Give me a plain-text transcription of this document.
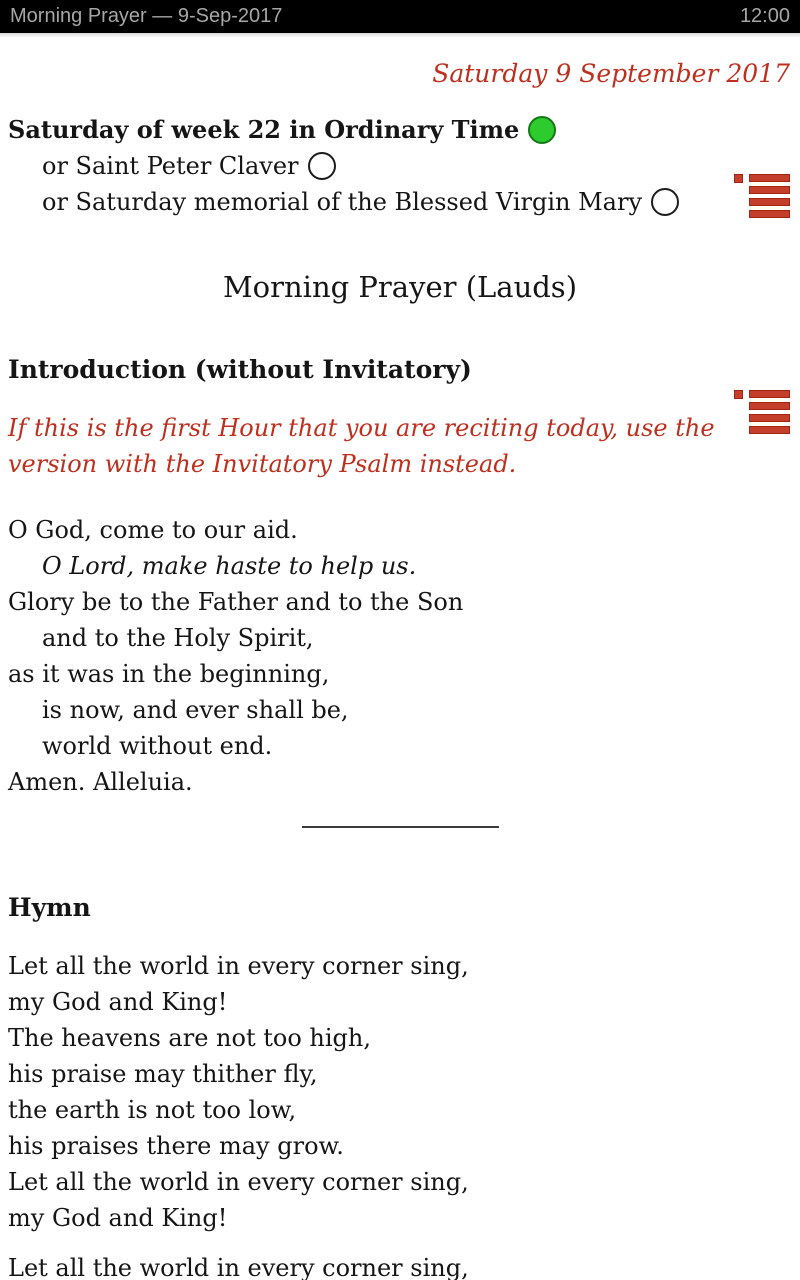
Morning Prayer — 9-Sep-2017	12:00
Saturday 9 September 2017
Saturday of week 22 in Ordinary Time
or Saint Peter Claver
or Saturday memorial of the Blessed Virgin Mary
Morning Prayer (Lauds)
Introduction (without Invitatory)
If this is the first Hour that you are reciting today, use the version with the Invitatory Psalm instead.
O God, come to our aid.
O Lord, make haste to help us.
Glory be to the Father and to the Son
and to the Holy Spirit,
as it was in the beginning,
is now, and ever shall be,
world without end.
Amen. Alleluia.
Hymn
Let all the world in every corner sing,
my God and King!
The heavens are not too high,
his praise may thither fly,
the earth is not too low,
his praises there may grow.
Let all the world in every corner sing,
my God and King!
Let all the world in every corner sing,
